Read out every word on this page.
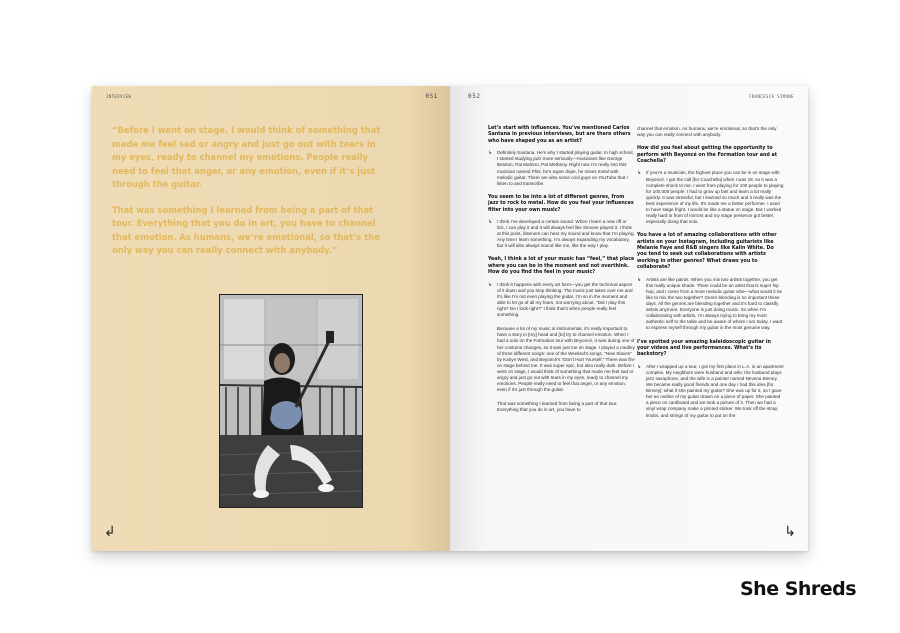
INTERVIEW	051

“Before I went on stage, I would think of something that made me feel sad or angry and just go out with tears in my eyes, ready to channel my emotions. People really need to feel that anger, or any emotion, even if it’s just through the guitar.

That was something I learned from being a part of that tour. Everything that you do in art, you have to channel that emotion. As humans, we’re emotional, so that’s the only way you can really connect with anybody.”

↲
052	FRANCESCA SIMONE
Let’s start with influences. You’ve mentioned Carlos Santana in previous interviews, but are there others who have shaped you as an artist?
↳ Definitely Santana. He’s why I started playing guitar. In high school, I started studying jazz more seriously—musicians like George Benson, Pat Martino, Pat Metheny. Right now I’m really into this musician named Plini; he’s super dope, he mixes metal with melodic guitar. There are also some cool guys on YouTube that I listen to and transcribe.
You seem to be into a lot of different genres, from jazz to rock to metal. How do you feel your influences filter into your own music?
↳ I think I’ve developed a certain sound. When I learn a new riff or lick, I can play it and it will always feel like Simone played it. I think at this point, listeners can hear my sound and know that I’m playing. Any time I learn something, I’m always expanding my vocabulary, but it will also always sound like me, like the way I play.
Yeah, I think a lot of your music has “feel,” that place where you can be in the moment and not overthink. How do you find the feel in your music?
↳ I think it happens with every art form—you get the technical aspect of it down and you stop thinking. The music just takes over me and it’s like I’m not even playing the guitar. I’m so in the moment and able to let go of all my fears, not worrying about, “Did I play this right? Do I look right?” I think that’s when people really feel something.
Because a lot of my music is instrumental, it’s really important to have a story in [my] head and [to] try to channel emotion. When I had a solo on the Formation tour with Beyoncé, it was during one of her costume changes, so it was just me on stage. I played a medley of three different songs: one of the Weeknd’s songs, “New Slaves” by Kanye West, and Beyoncé’s “Don’t Hurt Yourself.” There was fire on stage behind me. It was super epic, but also really dark. Before I went on stage, I would think of something that made me feel sad or angry and just go out with tears in my eyes, ready to channel my emotions. People really need to feel that anger, or any emotion, even if it’s just through the guitar.
That was something I learned from being a part of that tour. Everything that you do in art, you have to
channel that emotion. As humans, we’re emotional, so that’s the only way you can really connect with anybody.
How did you feel about getting the opportunity to perform with Beyoncé on the Formation tour and at Coachella?
↳ If you’re a musician, the highest place you can be is on stage with Beyoncé. I got the call [for Coachella] when I was 18, so it was a complete shock to me. I went from playing for 100 people to playing for 100,000 people. I had to grow up fast and learn a lot really quickly. It was stressful, but I learned so much and it really was the best experience of my life. It’s made me a better performer. I used to have stage fright. I would be like a statue on stage. But I worked really hard in front of mirrors and my stage presence got better, especially doing that solo.
You have a lot of amazing collaborations with other artists on your Instagram, including guitarists like Melanie Faye and R&B singers like Kalin White. Do you tend to seek out collaborations with artists working in other genres? What draws you to collaborate?
↳ Artists are like paints. When you mix two artists together, you get this really unique shade. There could be an artist that is super hip hop, and I come from a more melodic guitar vibe—what would it be like to mix the two together? Genre blending is so important these days. All the genres are blending together and it’s hard to classify artists anymore. Everyone is just doing music. So when I’m collaborating with artists, I’m always trying to bring my most authentic self to the table and be aware of where I am today. I want to express myself through my guitar in the most genuine way.
I’ve spotted your amazing kaleidoscopic guitar in your videos and live performances. What’s its backstory?
↳ After I wrapped up a tour, I got my first place in L.A. in an apartment complex. My neighbors were husband and wife; the husband plays jazz saxophone, and the wife is a painter named Nevena Binney. We became really good friends and one day I had this idea [for Binney]: what if she painted my guitar? She was up for it, so I gave her an outline of my guitar drawn on a piece of paper. She painted a piece on cardboard and we took a picture of it. Then we had a vinyl wrap company make a printed sticker. We took off the strap, knobs, and strings of my guitar to put on the
↳
She Shreds
